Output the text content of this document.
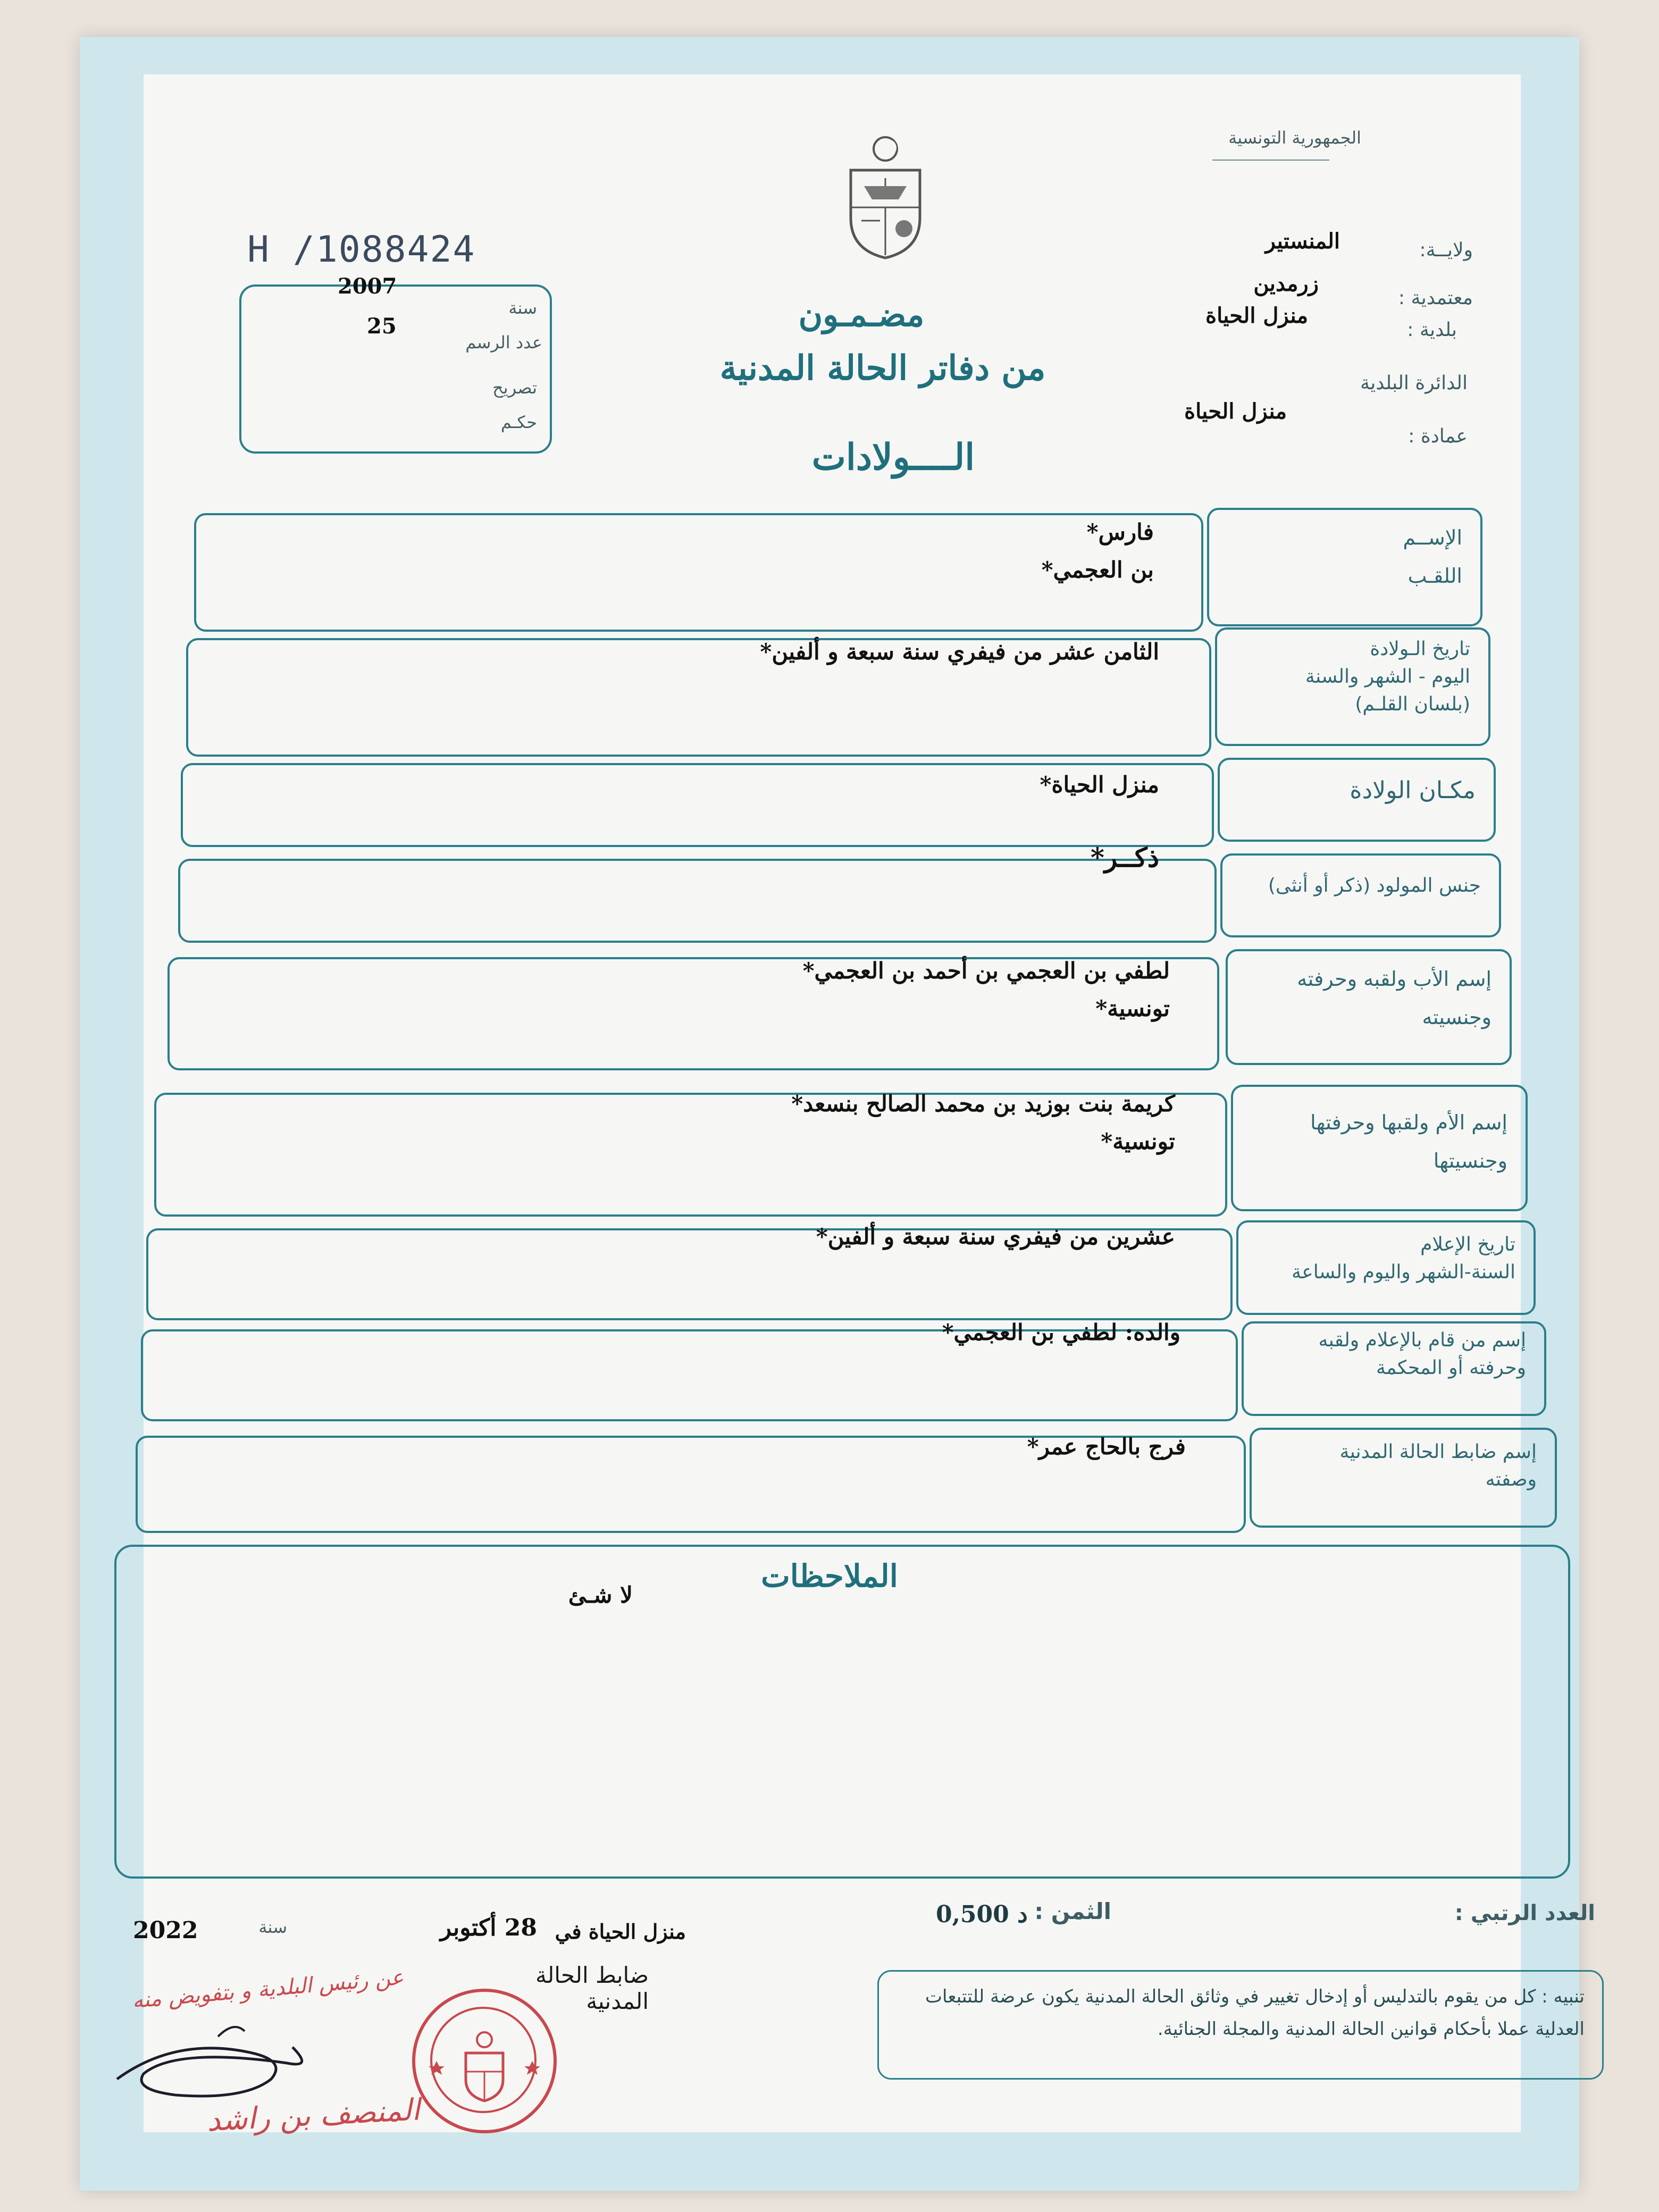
الجمهورية التونسية
ولايــة:
المنستير
معتمدية :
زرمدين
بلدية :
منزل الحياة
الدائرة البلدية
عمادة :
منزل الحياة
H /1088424
2007
سنة
25
عدد الرسم
تصريح
حكـم
مضـمـون
من دفاتر الحالة المدنية
الــــولادات
فارس*
بن العجمي*
الإســم
اللقـب
الثامن عشر من فيفري سنة سبعة و ألفين*	تاريخ الـولادة
اليوم - الشهر والسنة
(بلسان القلـم)
منزل الحياة*	مكـان الولادة
ذكــر*
جنس المولود (ذكر أو أنثى)
لطفي بن العجمي بن أحمد بن العجمي*
تونسية*
إسم الأب ولقبه وحرفته
وجنسيته
كريمة بنت بوزيد بن محمد الصالح بنسعد*
تونسية*
إسم الأم ولقبها وحرفتها
وجنسيتها
عشرين من فيفري سنة سبعة و ألفين*	تاريخ الإعلام
السنة-الشهر واليوم والساعة
والده: لطفي بن العجمي*	إسم من قام بالإعلام ولقبه
وحرفته أو المحكمة
فرج بالحاج عمر*	إسم ضابط الحالة المدنية
وصفته
الملاحظات
لا شـئ
العدد الرتبي :
الثمن :
0,500 د
منزل الحياة في
28 أكتوبر
سنة
2022
ضابط الحالة المدنية	تنبيه : كل من يقوم بالتدليس أو إدخال تغيير في وثائق الحالة المدنية يكون عرضة للتتبعات العدلية عملا بأحكام قوانين الحالة المدنية والمجلة الجنائية.
عن رئيس البلدية و بتفويض منه
المنصف بن راشد
